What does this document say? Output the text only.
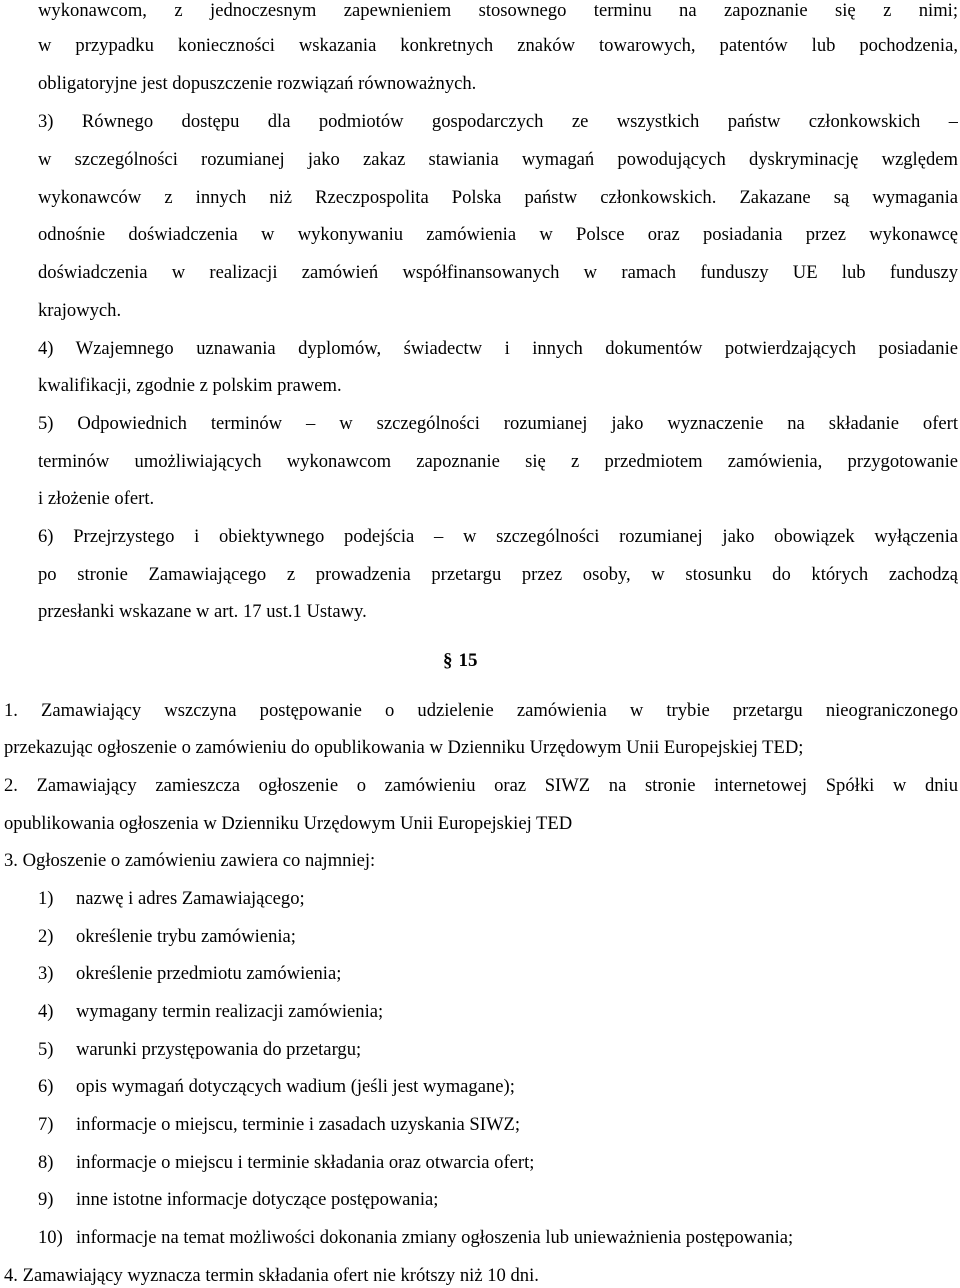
wykonawcom, z jednoczesnym zapewnieniem stosownego terminu na zapoznanie się z nimi;
w przypadku konieczności wskazania konkretnych znaków towarowych, patentów lub pochodzenia,
obligatoryjne jest dopuszczenie rozwiązań równoważnych.
3) Równego dostępu dla podmiotów gospodarczych ze wszystkich państw członkowskich –
w szczególności rozumianej jako zakaz stawiania wymagań powodujących dyskryminację względem
wykonawców z innych niż Rzeczpospolita Polska państw członkowskich. Zakazane są wymagania
odnośnie doświadczenia w wykonywaniu zamówienia w Polsce oraz posiadania przez wykonawcę
doświadczenia w realizacji zamówień współfinansowanych w ramach funduszy UE lub funduszy
krajowych.
4) Wzajemnego uznawania dyplomów, świadectw i innych dokumentów potwierdzających posiadanie
kwalifikacji, zgodnie z polskim prawem.
5) Odpowiednich terminów – w szczególności rozumianej jako wyznaczenie na składanie ofert
terminów umożliwiających wykonawcom zapoznanie się z przedmiotem zamówienia, przygotowanie
i złożenie ofert.
6) Przejrzystego i obiektywnego podejścia – w szczególności rozumianej jako obowiązek wyłączenia
po stronie Zamawiającego z prowadzenia przetargu przez osoby, w stosunku do których zachodzą
przesłanki wskazane w art. 17 ust.1 Ustawy.
§ 15
1. Zamawiający wszczyna postępowanie o udzielenie zamówienia w trybie przetargu nieograniczonego
przekazując ogłoszenie o zamówieniu do opublikowania w Dzienniku Urzędowym Unii Europejskiej TED;
2. Zamawiający zamieszcza ogłoszenie o zamówieniu oraz SIWZ na stronie internetowej Spółki w dniu
opublikowania ogłoszenia w Dzienniku Urzędowym Unii Europejskiej TED
3. Ogłoszenie o zamówieniu zawiera co najmniej:
1)	nazwę i adres Zamawiającego;
2)	określenie trybu zamówienia;
3)	określenie przedmiotu zamówienia;
4)	wymagany termin realizacji zamówienia;
5)	warunki przystępowania do przetargu;
6)	opis wymagań dotyczących wadium (jeśli jest wymagane);
7)	informacje o miejscu, terminie i zasadach uzyskania SIWZ;
8)	informacje o miejscu i terminie składania oraz otwarcia ofert;
9)	inne istotne informacje dotyczące postępowania;
10) informacje na temat możliwości dokonania zmiany ogłoszenia lub unieważnienia postępowania;
4. Zamawiający wyznacza termin składania ofert nie krótszy niż 10 dni.
